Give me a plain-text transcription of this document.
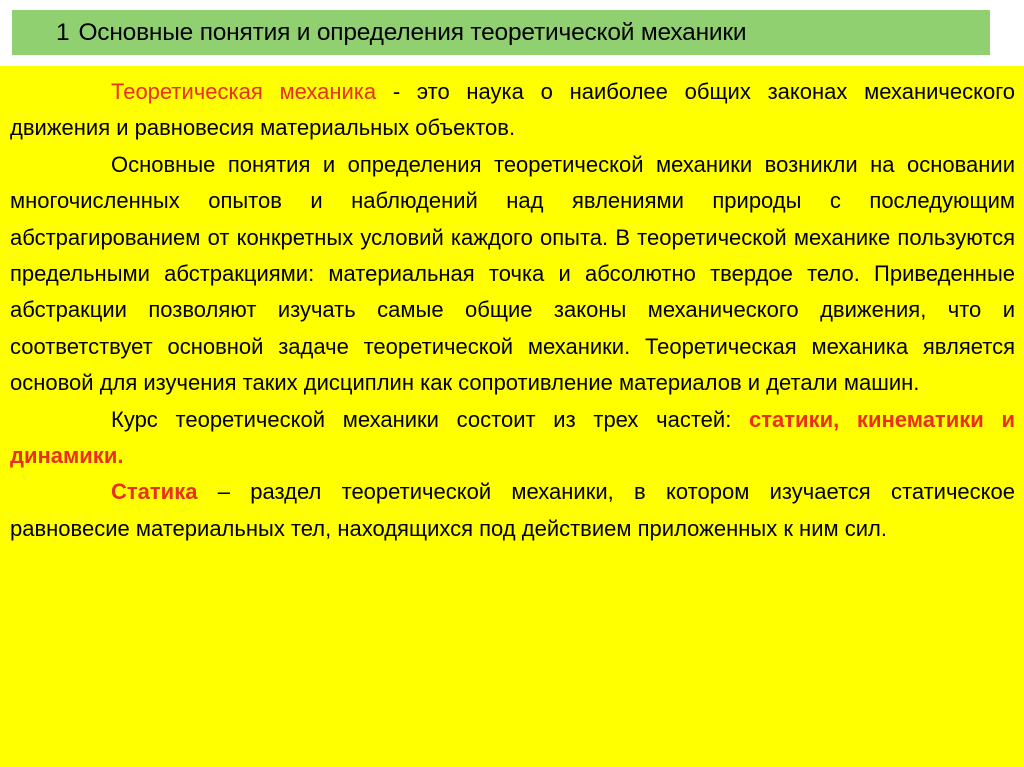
1 Основные понятия и определения теоретической механики

Теоретическая механика - это наука о наиболее общих законах механического движения и равновесия материальных объектов.

Основные понятия и определения теоретической механики возникли на основании многочисленных опытов и наблюдений над явлениями природы с последующим абстрагированием от конкретных условий каждого опыта. В теоретической механике пользуются предельными абстракциями: материальная точка и абсолютно твердое тело. Приведенные абстракции позволяют изучать самые общие законы механического движения, что и соответствует основной задаче теоретической механики. Теоретическая механика является основой для изучения таких дисциплин как сопротивление материалов и детали машин.

Курс теоретической механики состоит из трех частей: статики, кинематики и динамики.

Статика – раздел теоретической механики, в котором изучается статическое равновесие материальных тел, находящихся под действием приложенных к ним сил.
